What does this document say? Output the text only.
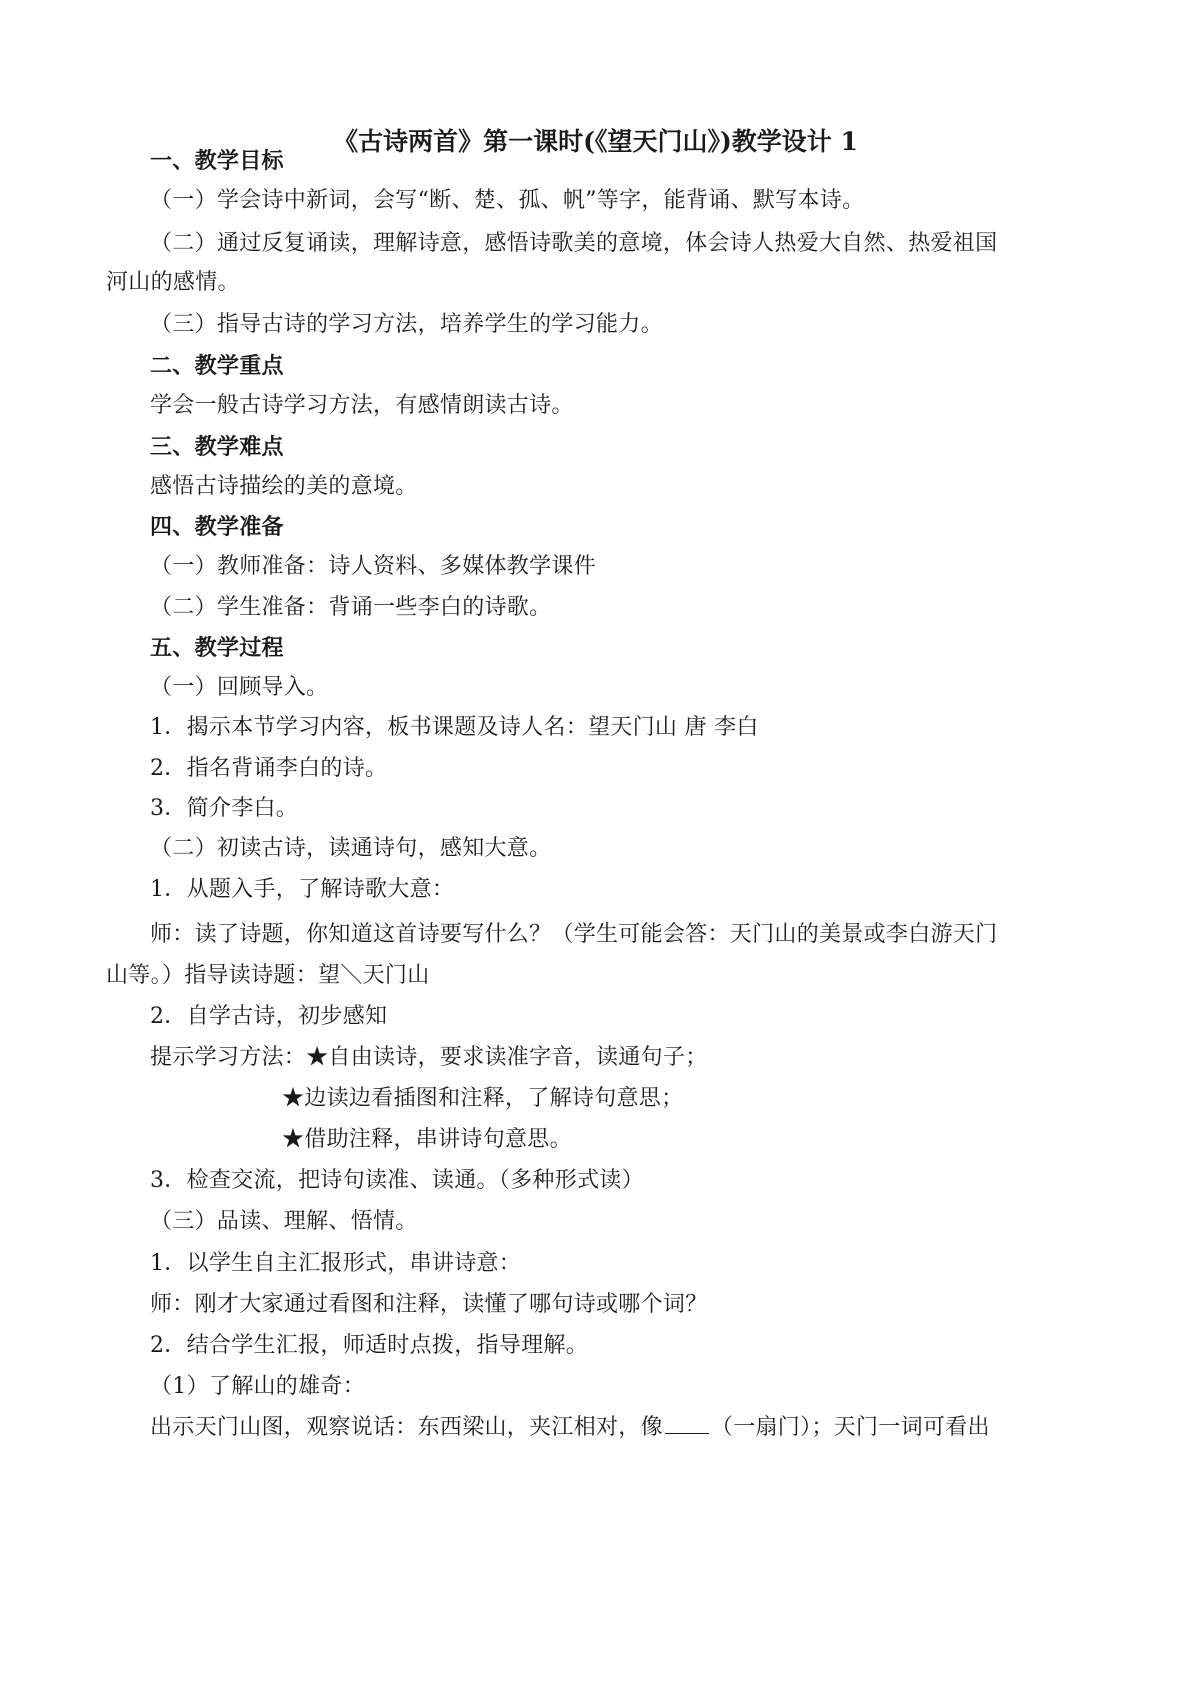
《古诗两首》第一课时(《望天门山》)教学设计 1
一、教学目标
（一）学会诗中新词，会写“断、楚、孤、帆”等字，能背诵、默写本诗。
（二）通过反复诵读，理解诗意，感悟诗歌美的意境，体会诗人热爱大自然、热爱祖国
河山的感情。
（三）指导古诗的学习方法，培养学生的学习能力。
二、教学重点
学会一般古诗学习方法，有感情朗读古诗。
三、教学难点
感悟古诗描绘的美的意境。
四、教学准备
（一）教师准备：诗人资料、多媒体教学课件
（二）学生准备：背诵一些李白的诗歌。
五、教学过程
（一）回顾导入。
1．揭示本节学习内容，板书课题及诗人名：望天门山 唐 李白
2．指名背诵李白的诗。
3．简介李白。
（二）初读古诗，读通诗句，感知大意。
1．从题入手，了解诗歌大意：
师：读了诗题，你知道这首诗要写什么？（学生可能会答：天门山的美景或李白游天门
山等。）指导读诗题：望＼天门山
2．自学古诗，初步感知
提示学习方法：★自由读诗，要求读准字音，读通句子；
★边读边看插图和注释，了解诗句意思；
★借助注释，串讲诗句意思。
3．检查交流，把诗句读准、读通。（多种形式读）
（三）品读、理解、悟情。
1．以学生自主汇报形式，串讲诗意：
师：刚才大家通过看图和注释，读懂了哪句诗或哪个词？
2．结合学生汇报，师适时点拨，指导理解。
（1）了解山的雄奇：
出示天门山图，观察说话：东西梁山，夹江相对，像 （一扇门）；天门一词可看出
